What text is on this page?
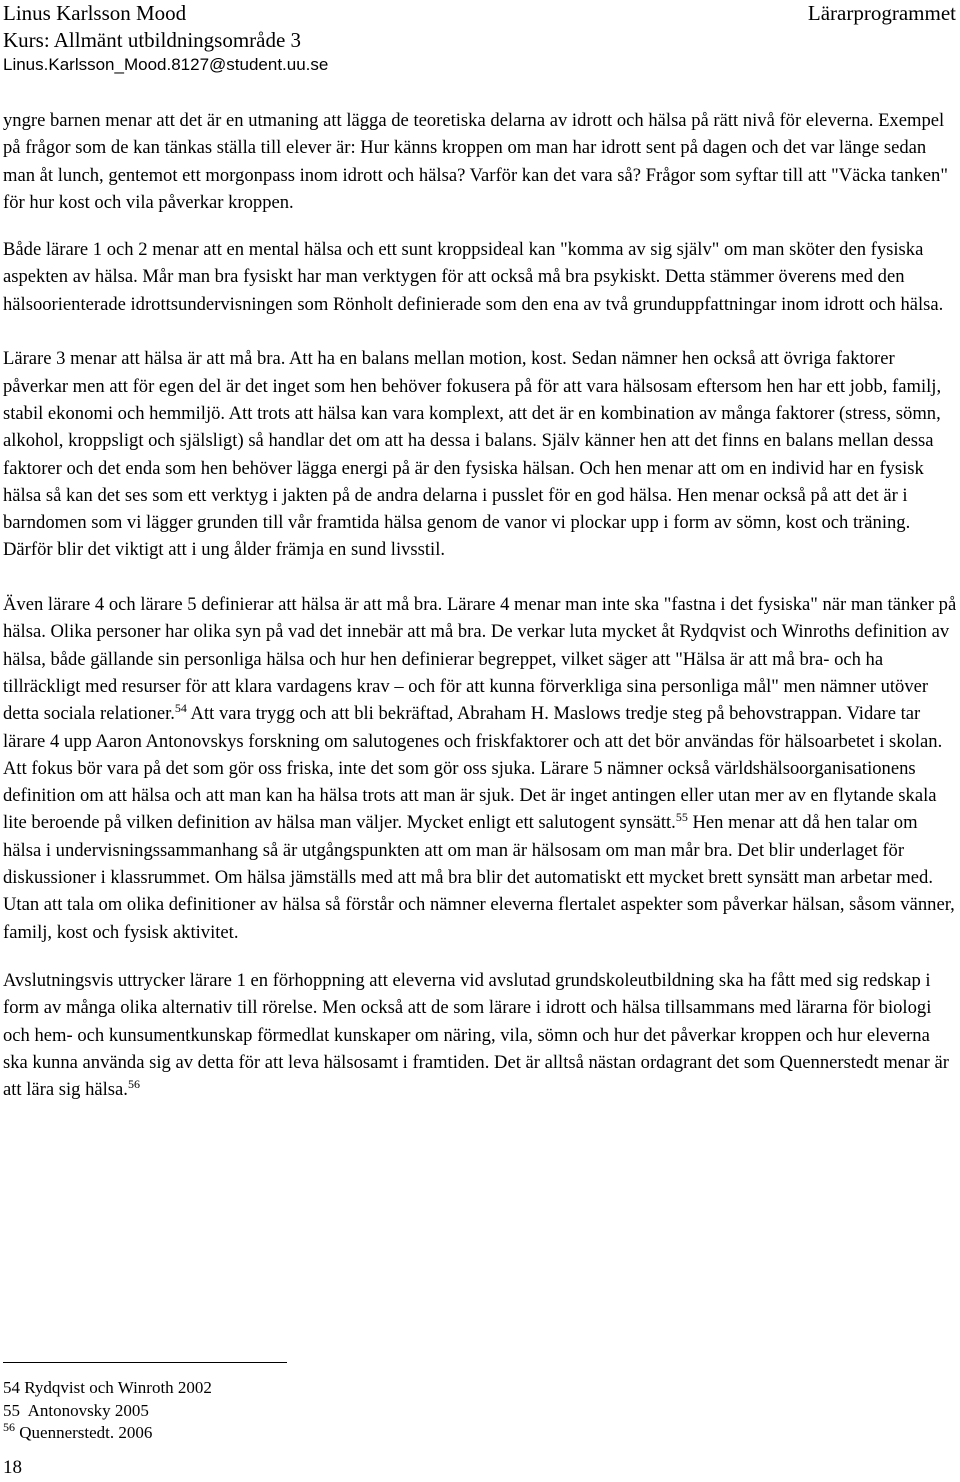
Linus Karlsson Mood
Kurs: Allmänt utbildningsområde 3
Linus.Karlsson_Mood.8127@student.uu.se
Lärarprogrammet

yngre barnen menar att det är en utmaning att lägga de teoretiska delarna av idrott och hälsa på rätt nivå för eleverna. Exempel på frågor som de kan tänkas ställa till elever är: Hur känns kroppen om man har idrott sent på dagen och det var länge sedan man åt lunch, gentemot ett morgonpass inom idrott och hälsa? Varför kan det vara så? Frågor som syftar till att "Väcka tanken" för hur kost och vila påverkar kroppen.

Både lärare 1 och 2 menar att en mental hälsa och ett sunt kroppsideal kan "komma av sig själv" om man sköter den fysiska aspekten av hälsa. Mår man bra fysiskt har man verktygen för att också må bra psykiskt. Detta stämmer överens med den hälsoorienterade idrottsundervisningen som Rönholt definierade som den ena av två grunduppfattningar inom idrott och hälsa.

Lärare 3 menar att hälsa är att må bra. Att ha en balans mellan motion, kost. Sedan nämner hen också att övriga faktorer påverkar men att för egen del är det inget som hen behöver fokusera på för att vara hälsosam eftersom hen har ett jobb, familj, stabil ekonomi och hemmiljö. Att trots att hälsa kan vara komplext, att det är en kombination av många faktorer (stress, sömn, alkohol, kroppsligt och själsligt) så handlar det om att ha dessa i balans. Själv känner hen att det finns en balans mellan dessa faktorer och det enda som hen behöver lägga energi på är den fysiska hälsan. Och hen menar att om en individ har en fysisk hälsa så kan det ses som ett verktyg i jakten på de andra delarna i pusslet för en god hälsa. Hen menar också på att det är i barndomen som vi lägger grunden till vår framtida hälsa genom de vanor vi plockar upp i form av sömn, kost och träning. Därför blir det viktigt att i ung ålder främja en sund livsstil.

Även lärare 4 och lärare 5 definierar att hälsa är att må bra. Lärare 4 menar man inte ska "fastna i det fysiska" när man tänker på hälsa. Olika personer har olika syn på vad det innebär att må bra. De verkar luta mycket åt Rydqvist och Winroths definition av hälsa, både gällande sin personliga hälsa och hur hen definierar begreppet, vilket säger att "Hälsa är att må bra- och ha tillräckligt med resurser för att klara vardagens krav – och för att kunna förverkliga sina personliga mål" men nämner utöver detta sociala relationer.$^{54}$ Att vara trygg och att bli bekräftad, Abraham H. Maslows tredje steg på behovstrappan. Vidare tar lärare 4 upp Aaron Antonovskys forskning om salutogenes och friskfaktorer och att det bör användas för hälsoarbetet i skolan. Att fokus bör vara på det som gör oss friska, inte det som gör oss sjuka. Lärare 5 nämner också världshälsoorganisationens definition om att hälsa och att man kan ha hälsa trots att man är sjuk. Det är inget antingen eller utan mer av en flytande skala lite beroende på vilken definition av hälsa man väljer. Mycket enligt ett salutogent synsätt.$^{55}$ Hen menar att då hen talar om hälsa i undervisningssammanhang så är utgångspunkten att om man är hälsosam om man mår bra. Det blir underlaget för diskussioner i klassrummet. Om hälsa jämställs med att må bra blir det automatiskt ett mycket brett synsätt man arbetar med. Utan att tala om olika definitioner av hälsa så förstår och nämner eleverna flertalet aspekter som påverkar hälsan, såsom vänner, familj, kost och fysisk aktivitet.

Avslutningsvis uttrycker lärare 1 en förhoppning att eleverna vid avslutad grundskoleutbildning ska ha fått med sig redskap i form av många olika alternativ till rörelse. Men också att de som lärare i idrott och hälsa tillsammans med lärarna för biologi och hem- och kunsumentkunskap förmedlat kunskaper om näring, vila, sömn och hur det påverkar kroppen och hur eleverna ska kunna använda sig av detta för att leva hälsosamt i framtiden. Det är alltså nästan ordagrant det som Quennerstedt menar är att lära sig hälsa.$^{56}$

54 Rydqvist och Winroth 2002
55 Antonovsky 2005
$^{56}$ Quennerstedt. 2006
18
